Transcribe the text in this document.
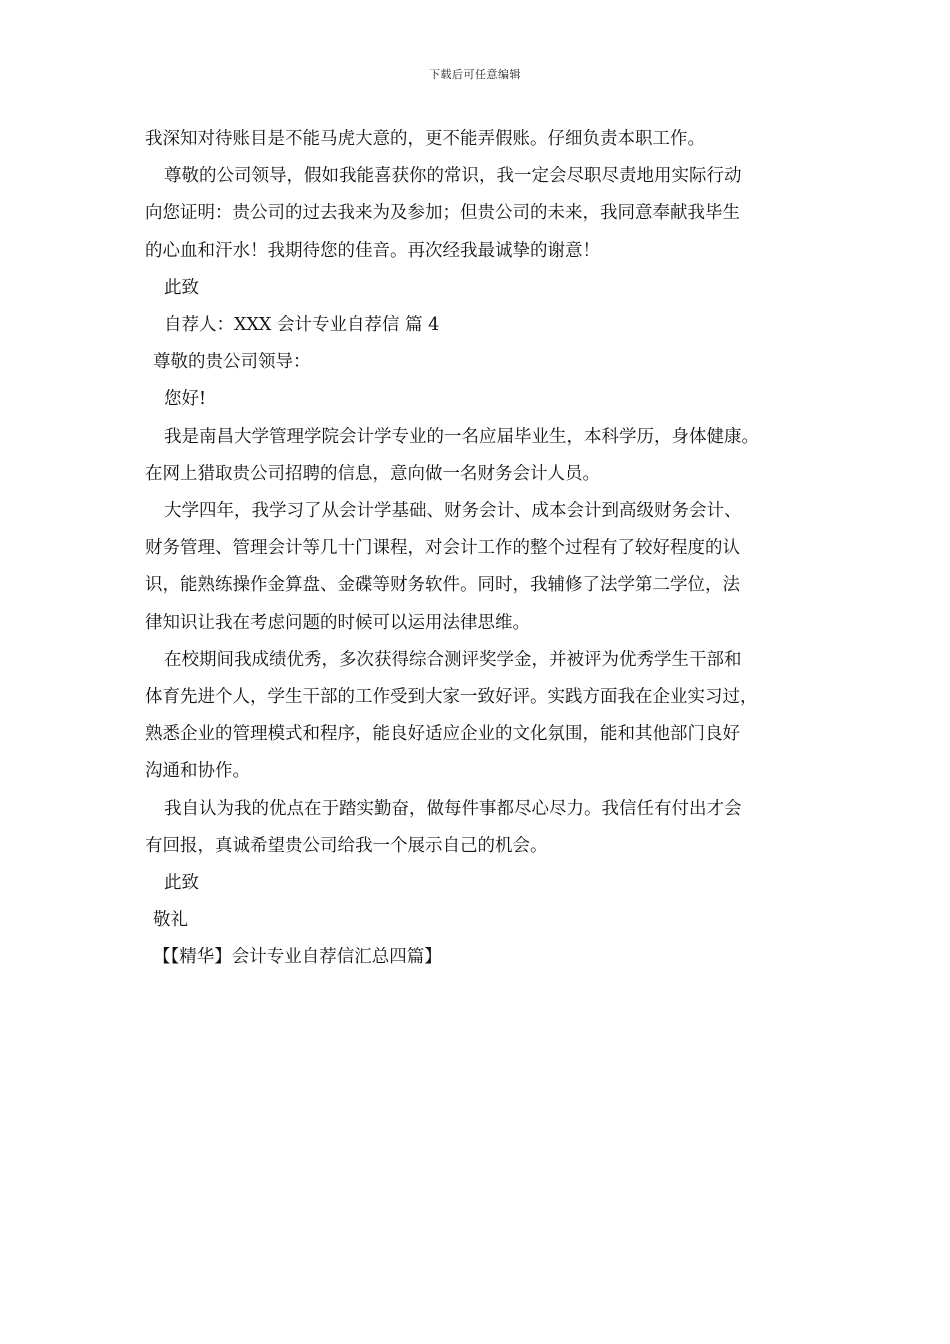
下载后可任意编辑
我深知对待账目是不能马虎大意的，更不能弄假账。仔细负责本职工作。
尊敬的公司领导，假如我能喜获你的常识，我一定会尽职尽责地用实际行动
向您证明：贵公司的过去我来为及参加；但贵公司的未来，我同意奉献我毕生
的心血和汗水！我期待您的佳音。再次经我最诚挚的谢意！
此致
自荐人：XXX 会计专业自荐信 篇 4
尊敬的贵公司领导：
您好!
我是南昌大学管理学院会计学专业的一名应届毕业生，本科学历，身体健康。
在网上猎取贵公司招聘的信息，意向做一名财务会计人员。
大学四年，我学习了从会计学基础、财务会计、成本会计到高级财务会计、
财务管理、管理会计等几十门课程，对会计工作的整个过程有了较好程度的认
识，能熟练操作金算盘、金碟等财务软件。同时，我辅修了法学第二学位，法
律知识让我在考虑问题的时候可以运用法律思维。
在校期间我成绩优秀，多次获得综合测评奖学金，并被评为优秀学生干部和
体育先进个人，学生干部的工作受到大家一致好评。实践方面我在企业实习过，
熟悉企业的管理模式和程序，能良好适应企业的文化氛围，能和其他部门良好
沟通和协作。
我自认为我的优点在于踏实勤奋，做每件事都尽心尽力。我信任有付出才会
有回报，真诚希望贵公司给我一个展示自己的机会。
此致
敬礼
【【精华】会计专业自荐信汇总四篇】
